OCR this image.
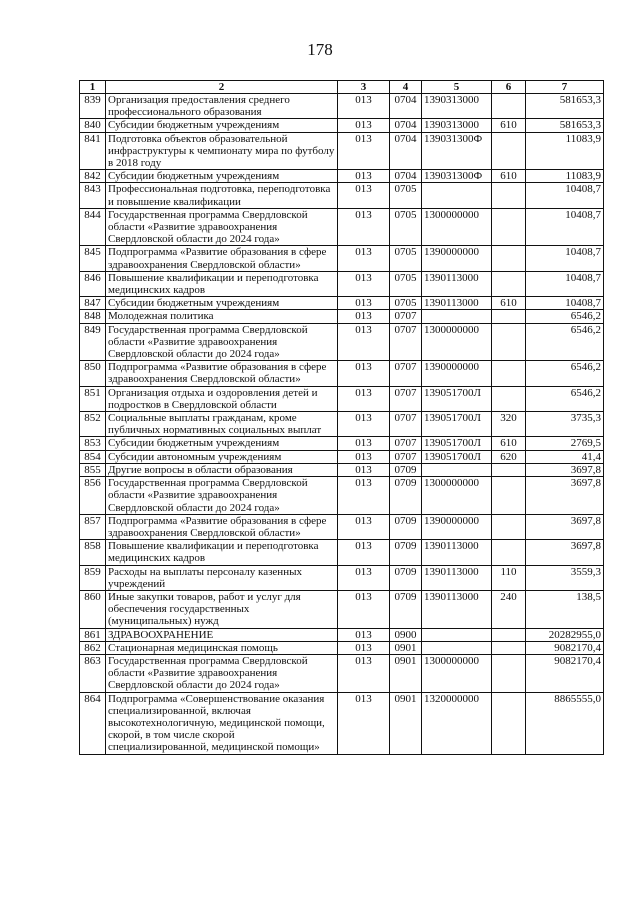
178
1	2	3	4	5	6	7
839	Организация предоставления среднего профессионального образования	013	0704	1390313000		581653,3
840	Субсидии бюджетным учреждениям	013	0704	1390313000	610	581653,3
841	Подготовка объектов образовательной инфраструктуры к чемпионату мира по футболу в 2018 году	013	0704	139031300Ф		11083,9
842	Субсидии бюджетным учреждениям	013	0704	139031300Ф	610	11083,9
843	Профессиональная подготовка, переподготовка и повышение квалификации	013	0705			10408,7
844	Государственная программа Свердловской области «Развитие здравоохранения Свердловской области до 2024 года»	013	0705	1300000000		10408,7
845	Подпрограмма «Развитие образования в сфере здравоохранения Свердловской области»	013	0705	1390000000		10408,7
846	Повышение квалификации и переподготовка медицинских кадров	013	0705	1390113000		10408,7
847	Субсидии бюджетным учреждениям	013	0705	1390113000	610	10408,7
848	Молодежная политика	013	0707			6546,2
849	Государственная программа Свердловской области «Развитие здравоохранения Свердловской области до 2024 года»	013	0707	1300000000		6546,2
850	Подпрограмма «Развитие образования в сфере здравоохранения Свердловской области»	013	0707	1390000000		6546,2
851	Организация отдыха и оздоровления детей и подростков в Свердловской области	013	0707	139051700Л		6546,2
852	Социальные выплаты гражданам, кроме публичных нормативных социальных выплат	013	0707	139051700Л	320	3735,3
853	Субсидии бюджетным учреждениям	013	0707	139051700Л	610	2769,5
854	Субсидии автономным учреждениям	013	0707	139051700Л	620	41,4
855	Другие вопросы в области образования	013	0709			3697,8
856	Государственная программа Свердловской области «Развитие здравоохранения Свердловской области до 2024 года»	013	0709	1300000000		3697,8
857	Подпрограмма «Развитие образования в сфере здравоохранения Свердловской области»	013	0709	1390000000		3697,8
858	Повышение квалификации и переподготовка медицинских кадров	013	0709	1390113000		3697,8
859	Расходы на выплаты персоналу казенных учреждений	013	0709	1390113000	110	3559,3
860	Иные закупки товаров, работ и услуг для обеспечения государственных (муниципальных) нужд	013	0709	1390113000	240	138,5
861	ЗДРАВООХРАНЕНИЕ	013	0900			20282955,0
862	Стационарная медицинская помощь	013	0901			9082170,4
863	Государственная программа Свердловской области «Развитие здравоохранения Свердловской области до 2024 года»	013	0901	1300000000		9082170,4
864	Подпрограмма «Совершенствование оказания специализированной, включая высокотехнологичную, медицинской помощи, скорой, в том числе скорой специализированной, медицинской помощи»	013	0901	1320000000		8865555,0
